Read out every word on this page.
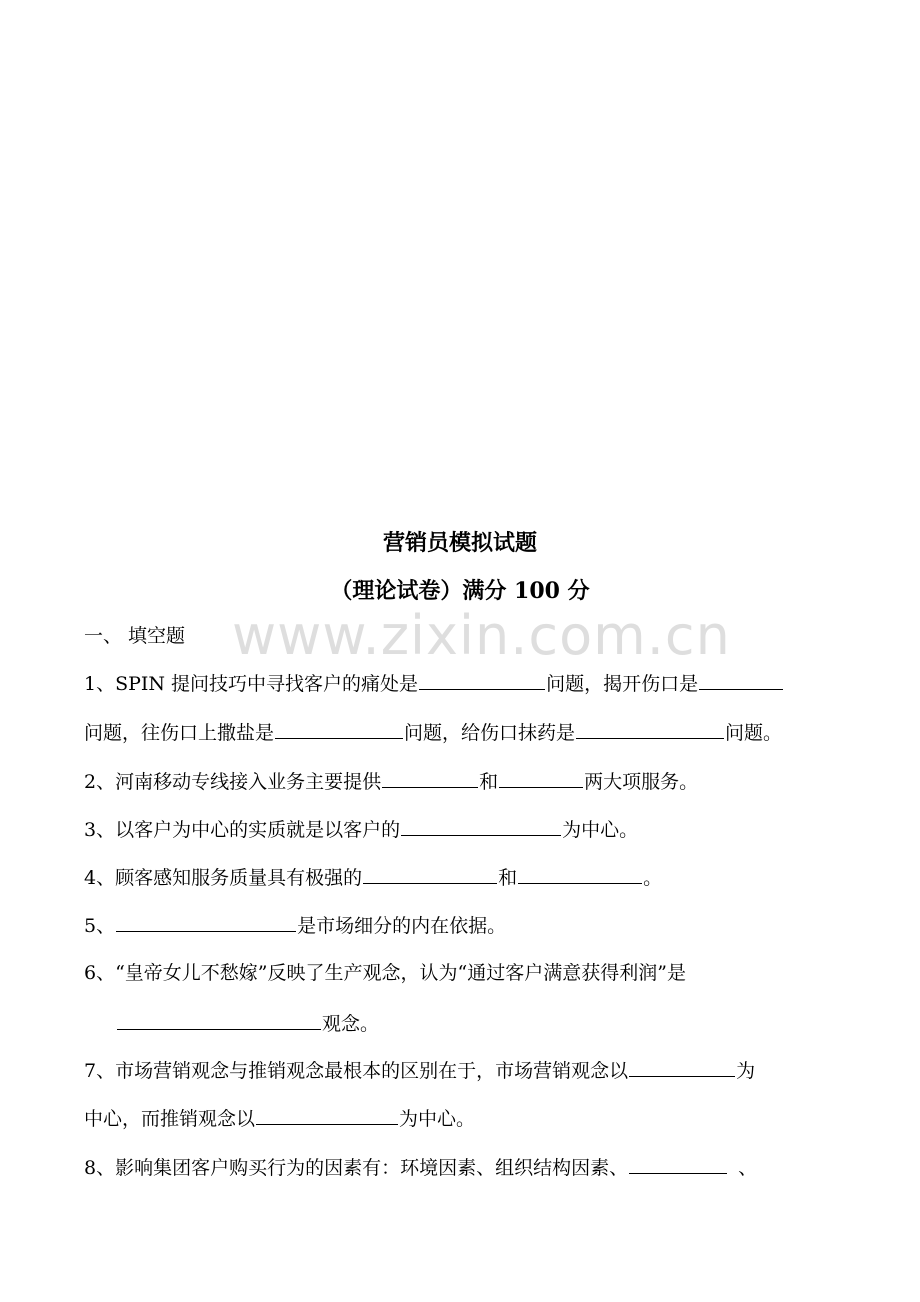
www.zixin.com.cn
营销员模拟试题
（理论试卷）满分 100 分
一、 填空题
1、SPIN 提问技巧中寻找客户的痛处是	问题，揭开伤口是
问题，往伤口上撒盐是	问题，给伤口抹药是	问题。
2、河南移动专线接入业务主要提供	和	两大项服务。
3、以客户为中心的实质就是以客户的	为中心。
4、顾客感知服务质量具有极强的	和	。
5、	是市场细分的内在依据。
6、“皇帝女儿不愁嫁”反映了生产观念，认为“通过客户满意获得利润”是
观念。
7、市场营销观念与推销观念最根本的区别在于，市场营销观念以	为
中心，而推销观念以	为中心。
8、影响集团客户购买行为的因素有：环境因素、组织结构因素、	、
